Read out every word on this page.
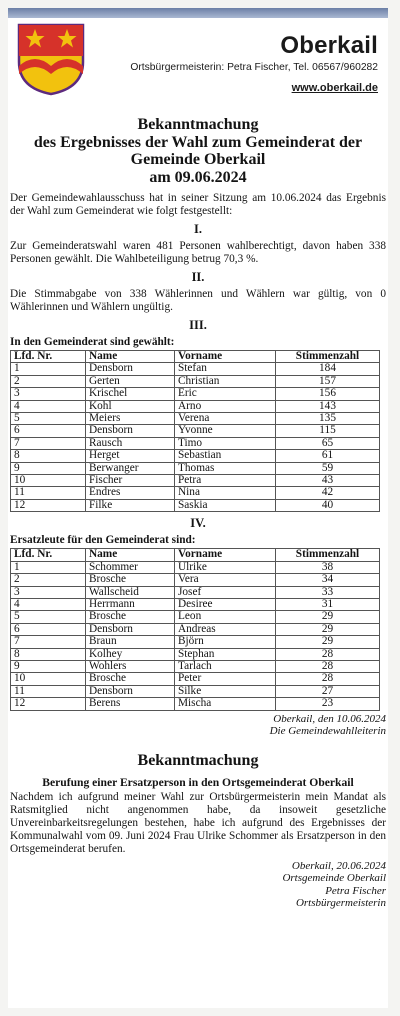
Oberkail
Ortsbürgermeisterin: Petra Fischer, Tel. 06567/960282
www.oberkail.de
Bekanntmachung
des Ergebnisses der Wahl zum Gemeinderat der
Gemeinde Oberkail
am 09.06.2024

Der Gemeindewahlausschuss hat in seiner Sitzung am 10.06.2024 das Ergebnis der Wahl zum Gemeinderat wie folgt festgestellt:

I.

Zur Gemeinderatswahl waren 481 Personen wahlberechtigt, davon haben 338 Personen gewählt. Die Wahlbeteiligung betrug 70,3 %.

II.

Die Stimmabgabe von 338 Wählerinnen und Wählern war gültig, von 0 Wählerinnen und Wählern ungültig.

III.
In den Gemeinderat sind gewählt:
Lfd. Nr.	Name	Vorname	Stimmenzahl
1	Densborn	Stefan	184
2	Gerten	Christian	157
3	Krischel	Eric	156
4	Kohl	Arno	143
5	Meiers	Verena	135
6	Densborn	Yvonne	115
7	Rausch	Timo	65
8	Herget	Sebastian	61
9	Berwanger	Thomas	59
10	Fischer	Petra	43
11	Endres	Nina	42
12	Filke	Saskia	40
IV.
Ersatzleute für den Gemeinderat sind:
Lfd. Nr.	Name	Vorname	Stimmenzahl
1	Schommer	Ulrike	38
2	Brosche	Vera	34
3	Wallscheid	Josef	33
4	Herrmann	Desiree	31
5	Brosche	Leon	29
6	Densborn	Andreas	29
7	Braun	Björn	29
8	Kolhey	Stephan	28
9	Wohlers	Tarlach	28
10	Brosche	Peter	28
11	Densborn	Silke	27
12	Berens	Mischa	23
Oberkail, den 10.06.2024
Die Gemeindewahlleiterin
Bekanntmachung
Berufung einer Ersatzperson in den Ortsgemeinderat Oberkail

Nachdem ich aufgrund meiner Wahl zur Ortsbürgermeisterin mein Mandat als Ratsmitglied nicht angenommen habe, da insoweit gesetzliche Unvereinbarkeitsregelungen bestehen, habe ich aufgrund des Ergebnisses der Kommunalwahl vom 09. Juni 2024 Frau Ulrike Schommer als Ersatzperson in den Ortsgemeinderat berufen.

Oberkail, 20.06.2024
Ortsgemeinde Oberkail
Petra Fischer
Ortsbürgermeisterin
